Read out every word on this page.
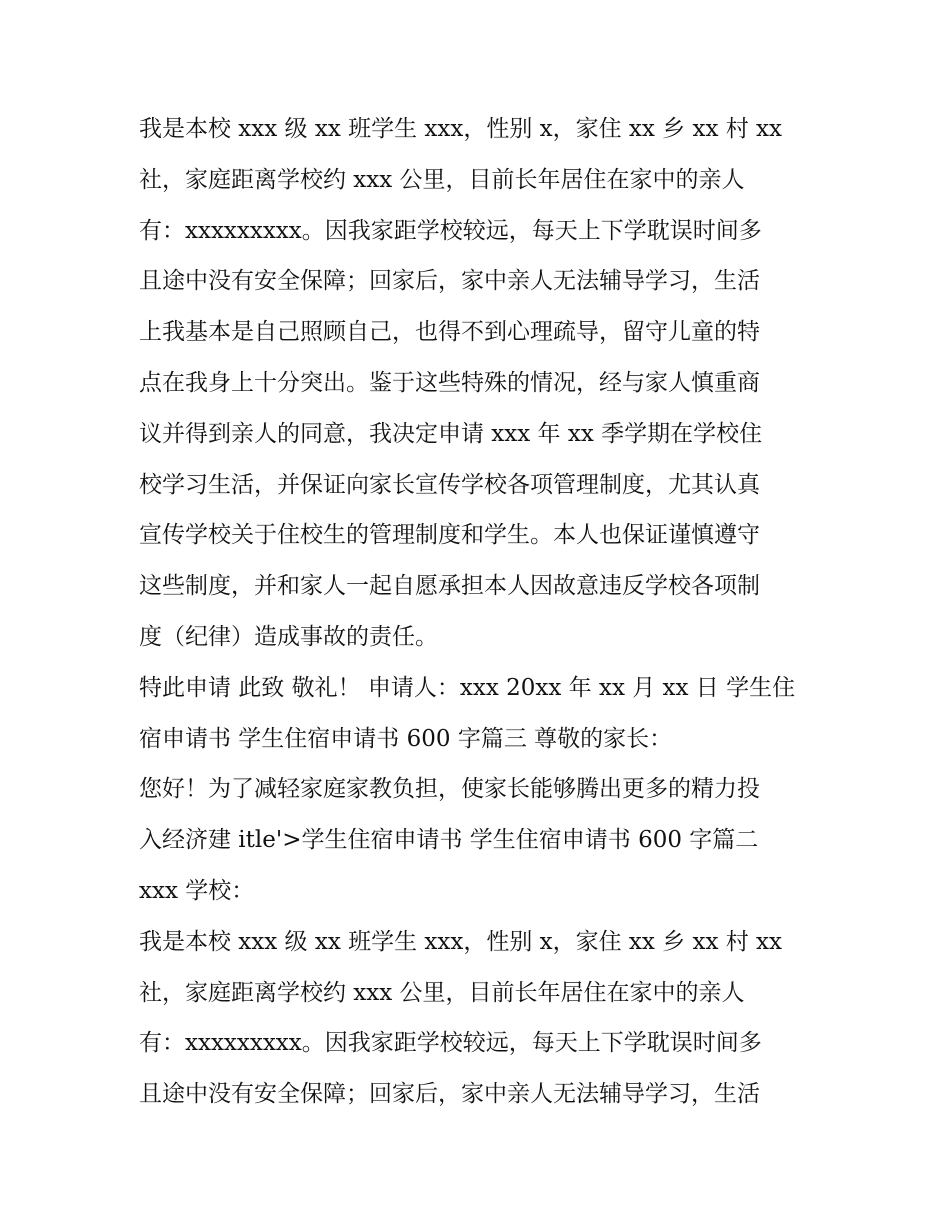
我是本校 xxx 级 xx 班学生 xxx，性别 x，家住 xx 乡 xx 村 xx
社，家庭距离学校约 xxx 公里，目前长年居住在家中的亲人
有：xxxxxxxxx。因我家距学校较远，每天上下学耽误时间多
且途中没有安全保障；回家后，家中亲人无法辅导学习，生活
上我基本是自己照顾自己，也得不到心理疏导，留守儿童的特
点在我身上十分突出。鉴于这些特殊的情况，经与家人慎重商
议并得到亲人的同意，我决定申请 xxx 年 xx 季学期在学校住
校学习生活，并保证向家长宣传学校各项管理制度，尤其认真
宣传学校关于住校生的管理制度和学生。本人也保证谨慎遵守
这些制度，并和家人一起自愿承担本人因故意违反学校各项制
度（纪律）造成事故的责任。
特此申请 此致 敬礼！ 申请人：xxx 20xx 年 xx 月 xx 日 学生住
宿申请书 学生住宿申请书 600 字篇三 尊敬的家长：
您好！为了减轻家庭家教负担，使家长能够腾出更多的精力投
入经济建 itle'>学生住宿申请书 学生住宿申请书 600 字篇二
xxx 学校：
我是本校 xxx 级 xx 班学生 xxx，性别 x，家住 xx 乡 xx 村 xx
社，家庭距离学校约 xxx 公里，目前长年居住在家中的亲人
有：xxxxxxxxx。因我家距学校较远，每天上下学耽误时间多
且途中没有安全保障；回家后，家中亲人无法辅导学习，生活
